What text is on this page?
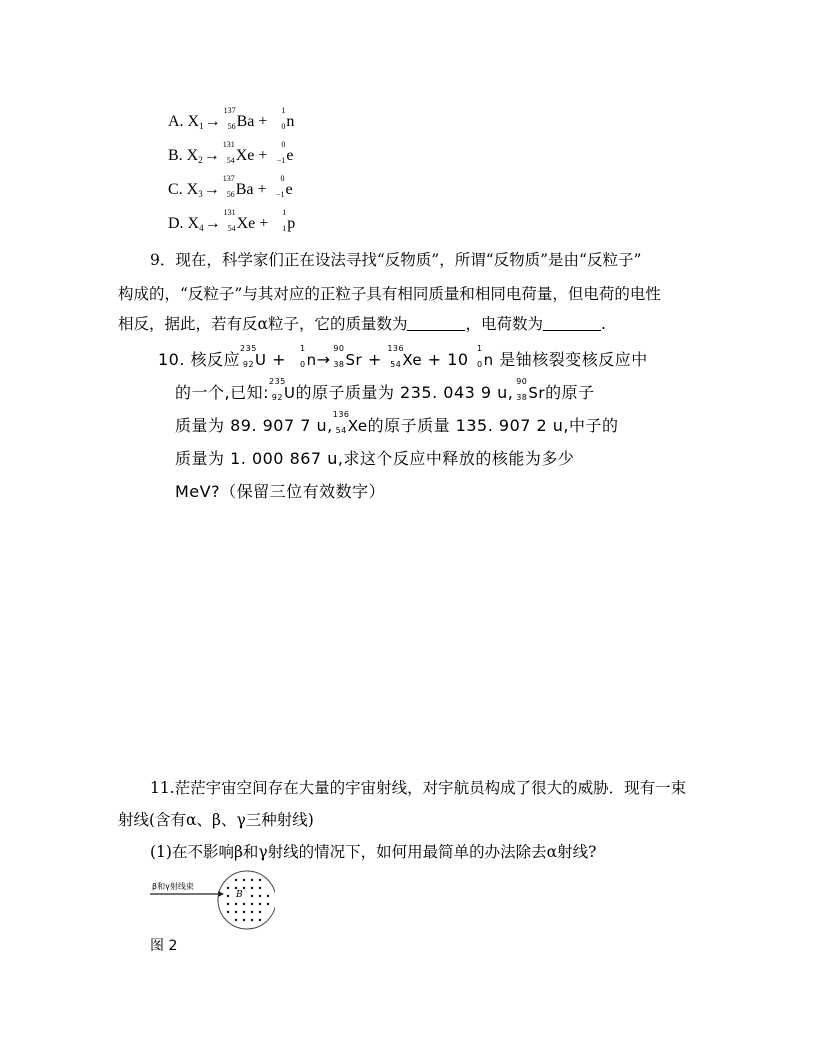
A. X1→
137
56 Ba +
1
0 n
B. X2→
131
54 Xe +
0
−1 e
C. X3→
137
56 Ba +
0
−1 e
D. X4→
131
54 Xe +
1
1 p
9．现在，科学家们正在设法寻找“反物质”，所谓“反物质”是由“反粒子”
构成的，“反粒子”与其对应的正粒子具有相同质量和相同电荷量，但电荷的电性
相反，据此，若有反α粒子，它的质量数为	，电荷数为	.
10. 核反应
235
92 U +
1
0 n→
90
38 Sr +
136
54 Xe + 10
1
0 n 是铀核裂变核反应中
的一个,已知:
235
92 U的原子质量为 235. 043 9 u,
90
38 Sr的原子
质量为 89. 907 7 u,
136
54 Xe的原子质量 135. 907 2 u,中子的
质量为 1. 000 867 u,求这个反应中释放的核能为多少
MeV?（保留三位有效数字）
11.茫茫宇宙空间存在大量的宇宙射线，对宇航员构成了很大的威胁．现有一束
射线(含有α、β、γ三种射线)
(1)在不影响β和γ射线的情况下，如何用最简单的办法除去α射线?
β和γ射线束
B
图 2
